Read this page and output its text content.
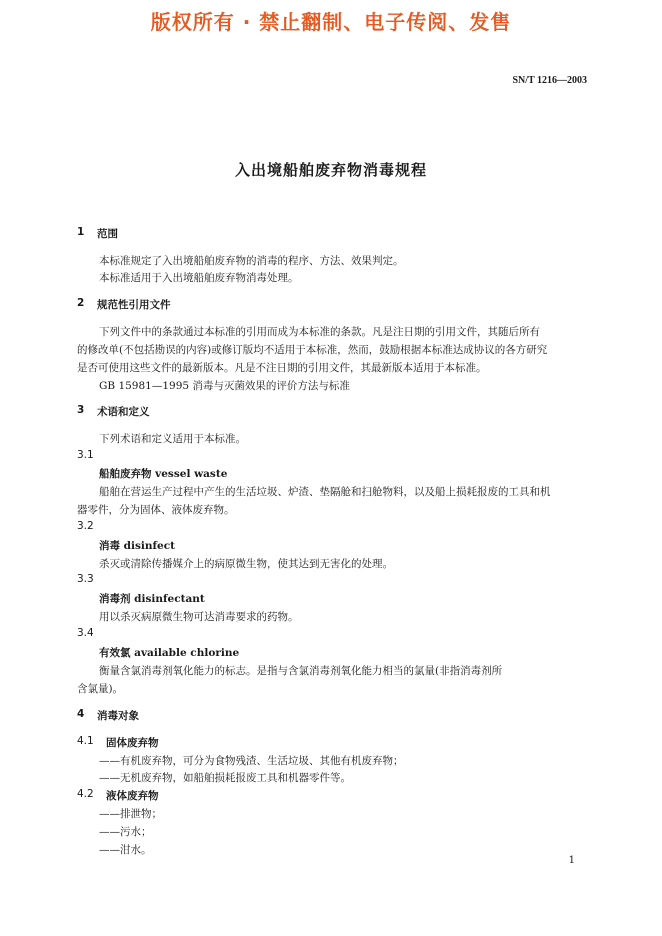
版权所有 · 禁止翻制、电子传阅、发售
SN/T 1216—2003
入出境船舶废弃物消毒规程
1 范围
本标准规定了入出境船舶废弃物的消毒的程序、方法、效果判定。
本标准适用于入出境船舶废弃物消毒处理。
2 规范性引用文件
下列文件中的条款通过本标准的引用而成为本标准的条款。凡是注日期的引用文件，其随后所有
的修改单(不包括勘误的内容)或修订版均不适用于本标准，然而，鼓励根据本标准达成协议的各方研究
是否可使用这些文件的最新版本。凡是不注日期的引用文件，其最新版本适用于本标准。
GB 15981—1995 消毒与灭菌效果的评价方法与标准
3 术语和定义
下列术语和定义适用于本标准。
3.1
船舶废弃物 vessel waste
船舶在营运生产过程中产生的生活垃圾、炉渣、垫隔舱和扫舱物料，以及船上损耗报废的工具和机
器零件，分为固体、液体废弃物。
3.2
消毒 disinfect
杀灭或清除传播媒介上的病原微生物，使其达到无害化的处理。
3.3
消毒剂 disinfectant
用以杀灭病原微生物可达消毒要求的药物。
3.4
有效氯 available chlorine
衡量含氯消毒剂氧化能力的标志。是指与含氯消毒剂氧化能力相当的氯量(非指消毒剂所
含氯量)。
4 消毒对象
4.1 固体废弃物
——有机废弃物，可分为食物残渣、生活垃圾、其他有机废弃物；
——无机废弃物，如船舶损耗报废工具和机器零件等。
4.2 液体废弃物
——排泄物；
——污水；
——泔水。
1
